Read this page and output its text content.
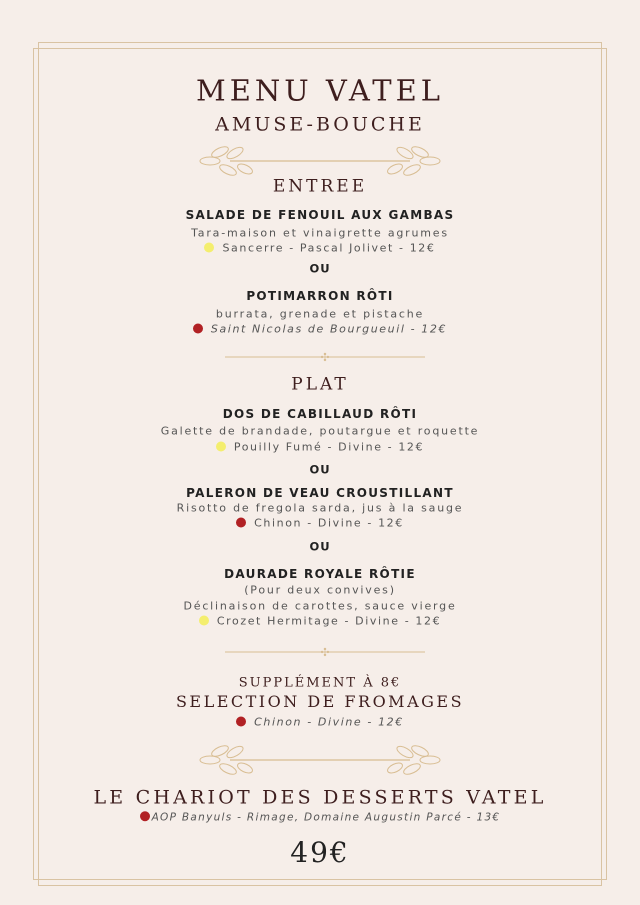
MENU VATEL
AMUSE-BOUCHE
ENTREE
SALADE DE FENOUIL AUX GAMBAS
Tara-maison et vinaigrette agrumes
Sancerre - Pascal Jolivet - 12€
OU
POTIMARRON RÔTI
burrata, grenade et pistache
Saint Nicolas de Bourgueuil - 12€
✣
PLAT
DOS DE CABILLAUD RÔTI
Galette de brandade, poutargue et roquette
Pouilly Fumé - Divine - 12€
OU
PALERON DE VEAU CROUSTILLANT
Risotto de fregola sarda, jus à la sauge
Chinon - Divine - 12€
OU
DAURADE ROYALE RÔTIE
(Pour deux convives)
Déclinaison de carottes, sauce vierge
Crozet Hermitage - Divine - 12€
✣
SUPPLÉMENT À 8€
SELECTION DE FROMAGES
Chinon - Divine - 12€
LE CHARIOT DES DESSERTS VATEL
AOP Banyuls - Rimage, Domaine Augustin Parcé - 13€
49€
